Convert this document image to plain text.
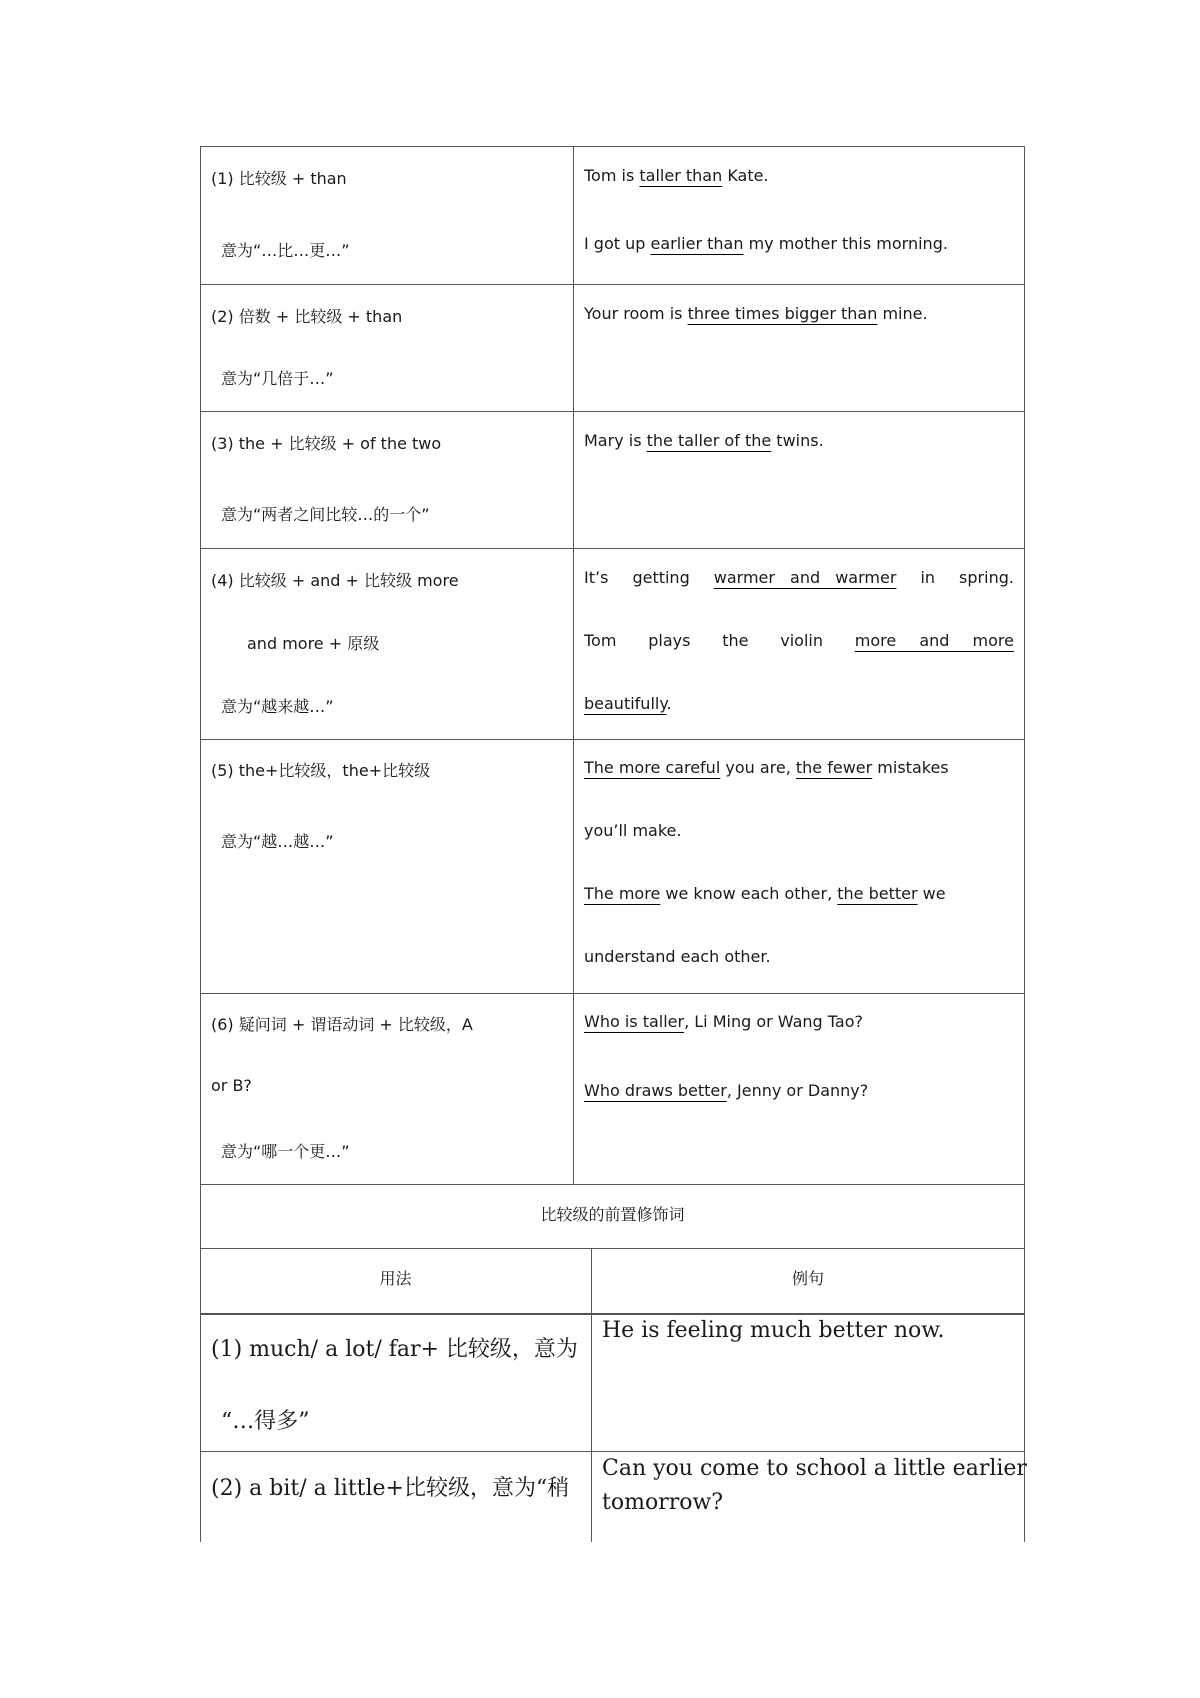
(1) 比较级 + than
意为“…比…更…”
Tom is taller than Kate.
I got up earlier than my mother this morning.
(2) 倍数 + 比较级 + than
意为“几倍于…”
Your room is three times bigger than mine.
(3) the + 比较级 + of the two
意为“两者之间比较…的一个”
Mary is the taller of the twins.
(4) 比较级 + and + 比较级 more
and more + 原级
意为“越来越…”
It’s getting warmer and warmer in spring.
Tom plays the violin more and more
beautifully.
(5) the+比较级，the+比较级
意为“越…越…”
The more careful you are, the fewer mistakes
you’ll make.
The more we know each other, the better we
understand each other.
(6) 疑问词 + 谓语动词 + 比较级，A
or B?
意为“哪一个更…”
Who is taller, Li Ming or Wang Tao?
Who draws better, Jenny or Danny?
比较级的前置修饰词
用法	例句
(1) much/ a lot/ far+ 比较级，意为
“…得多”
He is feeling much better now.
(2) a bit/ a little+比较级，意为“稍
Can you come to school a little earlier
tomorrow?
